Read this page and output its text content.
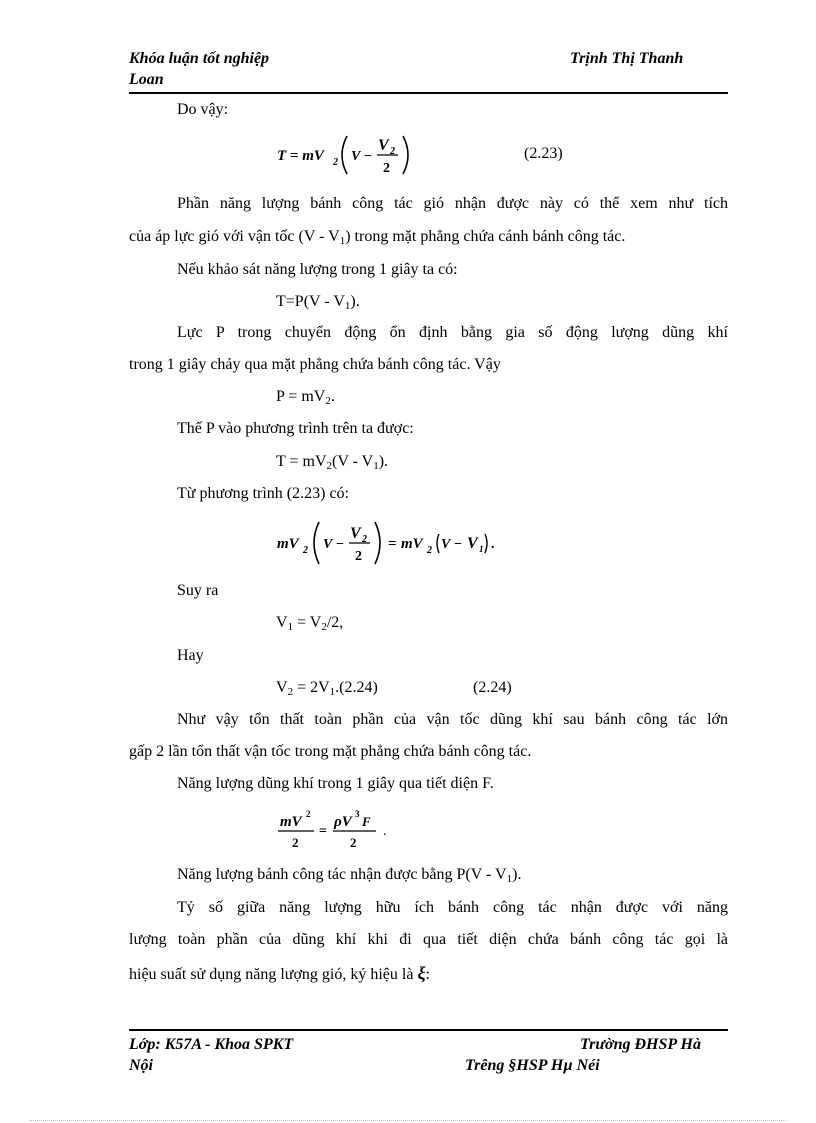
Khóa luận tốt nghiệp
Loan
Trịnh Thị Thanh
Do vậy:
T = mV 2 V −
V 2
2
(2.23)
Phần năng lượng bánh công tác gió nhận được này có thể xem như tích
của áp lực gió với vận tốc $(V - V_1)$ trong mặt phẳng chứa cánh bánh công tác.
Nếu khảo sát năng lượng trong 1 giây ta có:
$T=P(V - V_1)$.
Lực P trong chuyển động ổn định bằng gia số động lượng dũng khí
trong 1 giây chảy qua mặt phẳng chứa bánh công tác. Vậy
$P = mV_2$.
Thế P vào phương trình trên ta được:
$T = mV_2(V - V_1)$.
Từ phương trình (2.23) có:
mV 2 V −
V 2
2
= mV 2 V − V 1 .
Suy ra
$V_1 = V_2/2$,
Hay
$V_2 = 2V_1.(2.24)$	(2.24)
Như vậy tổn thất toàn phần của vận tốc dũng khí sau bánh công tác lớn
gấp 2 lần tổn thất vận tốc trong mặt phẳng chứa bánh công tác.
Năng lượng dũng khí trong 1 giây qua tiết diện F.
mV 2
2
=
ρV 3 F
2
.
Năng lượng bánh công tác nhận được bằng $P(V - V_1)$.
Tỷ số giữa năng lượng hữu ích bánh công tác nhận được với năng
lượng toàn phần của dũng khí khi đi qua tiết diện chứa bánh công tác gọi là
hiệu suất sử dụng năng lượng gió, ký hiệu là ξ:
Lớp: K57A - Khoa SPKT
Nội
Trường ĐHSP Hà
Trêng §HSP Hµ Néi
